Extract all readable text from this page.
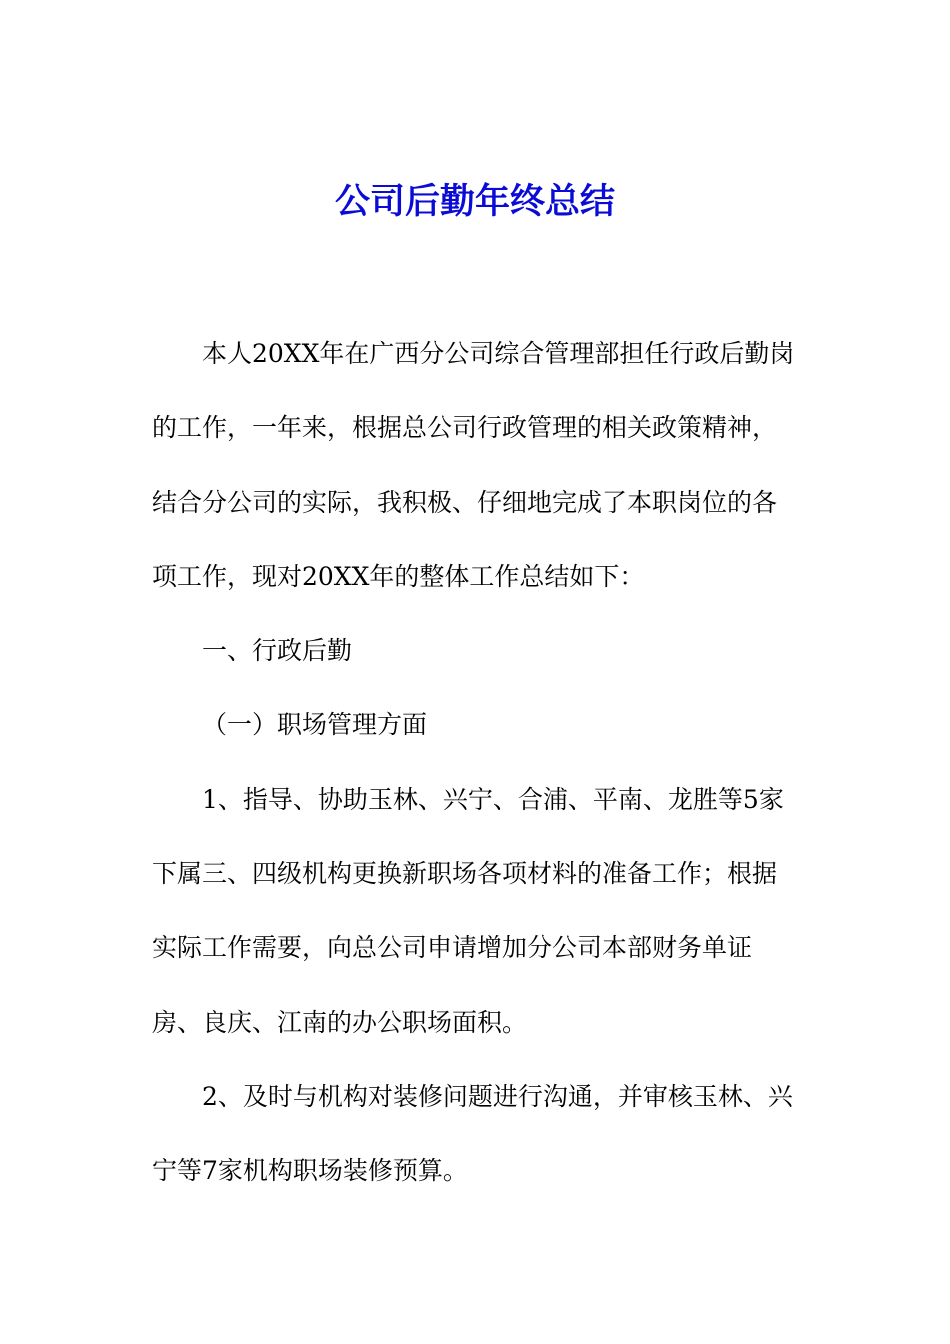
公司后勤年终总结
本人20XX年在广西分公司综合管理部担任行政后勤岗
的工作，一年来，根据总公司行政管理的相关政策精神，
结合分公司的实际，我积极、仔细地完成了本职岗位的各
项工作，现对20XX年的整体工作总结如下：
一、行政后勤
（一）职场管理方面
1、指导、协助玉林、兴宁、合浦、平南、龙胜等5家
下属三、四级机构更换新职场各项材料的准备工作；根据
实际工作需要，向总公司申请增加分公司本部财务单证
房、良庆、江南的办公职场面积。
2、及时与机构对装修问题进行沟通，并审核玉林、兴
宁等7家机构职场装修预算。
